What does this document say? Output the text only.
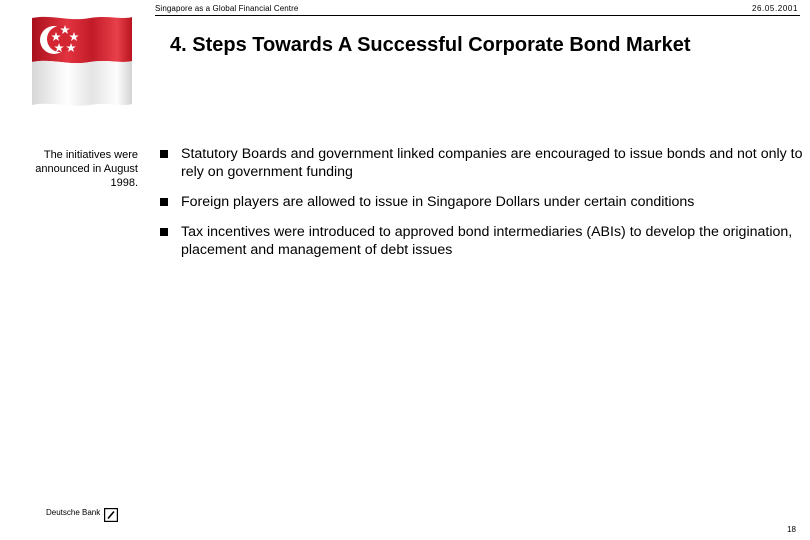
Singapore as a Global Financial Centre	26.05.2001
4. Steps Towards A Successful Corporate Bond Market
The initiatives were announced in August 1998.
Statutory Boards and government linked companies are encouraged to issue bonds and not only to rely on government funding
Foreign players are allowed to issue in Singapore Dollars under certain conditions
Tax incentives were introduced to approved bond intermediaries (ABIs) to develop the origination, placement and management of debt issues
Deutsche Bank
18
